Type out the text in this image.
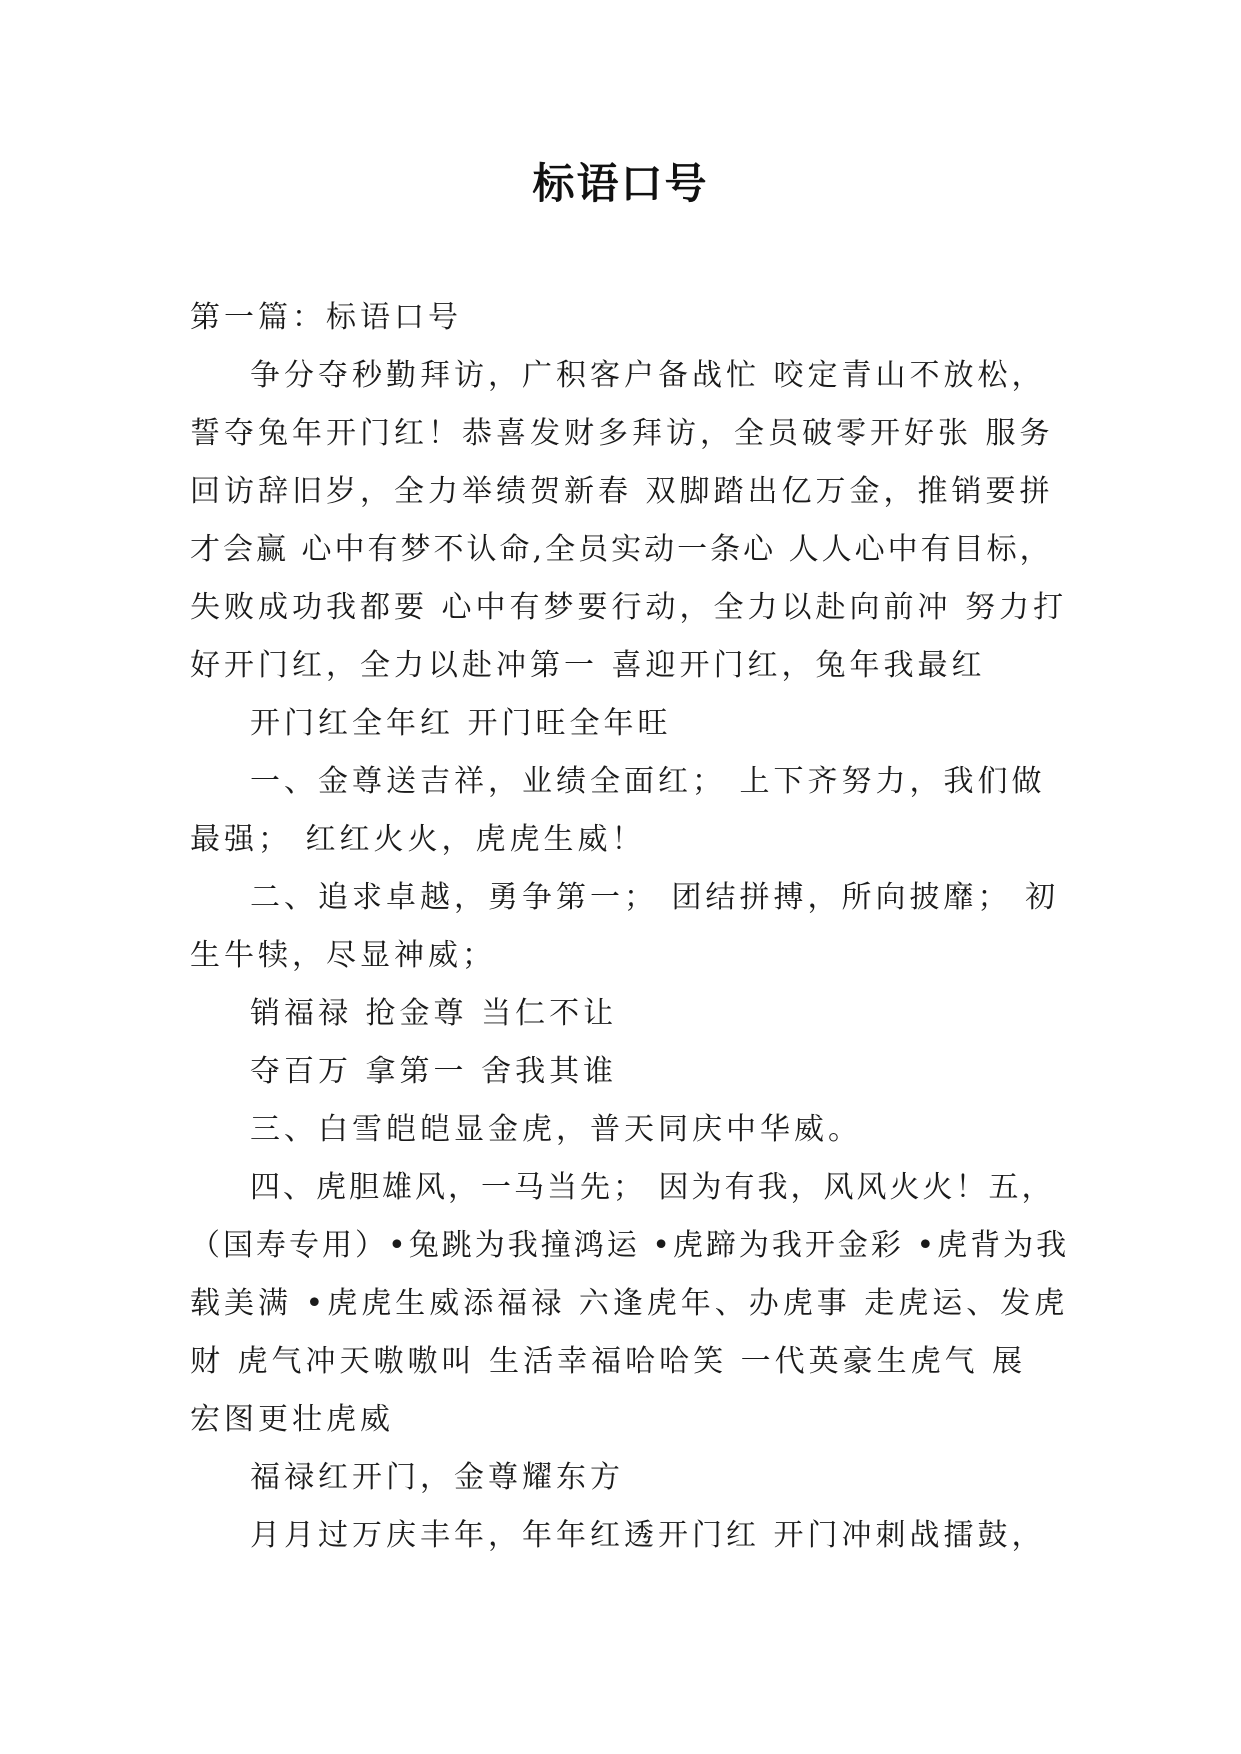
标语口号
第一篇：标语口号
争分夺秒勤拜访，广积客户备战忙 咬定青山不放松，
誓夺兔年开门红！恭喜发财多拜访，全员破零开好张 服务
回访辞旧岁，全力举绩贺新春 双脚踏出亿万金，推销要拼
才会赢 心中有梦不认命,全员实动一条心 人人心中有目标，
失败成功我都要 心中有梦要行动，全力以赴向前冲 努力打
好开门红，全力以赴冲第一 喜迎开门红，兔年我最红
开门红全年红 开门旺全年旺
一、金尊送吉祥，业绩全面红； 上下齐努力，我们做
最强； 红红火火，虎虎生威！
二、追求卓越，勇争第一； 团结拼搏，所向披靡； 初
生牛犊，尽显神威；
销福禄 抢金尊 当仁不让
夺百万 拿第一 舍我其谁
三、白雪皑皑显金虎，普天同庆中华威。
四、虎胆雄风，一马当先； 因为有我，风风火火！五，
（国寿专用）•兔跳为我撞鸿运 •虎蹄为我开金彩 •虎背为我
载美满 •虎虎生威添福禄 六逢虎年、办虎事 走虎运、发虎
财 虎气冲天嗷嗷叫 生活幸福哈哈笑 一代英豪生虎气 展
宏图更壮虎威
福禄红开门，金尊耀东方
月月过万庆丰年，年年红透开门红 开门冲刺战擂鼓，
